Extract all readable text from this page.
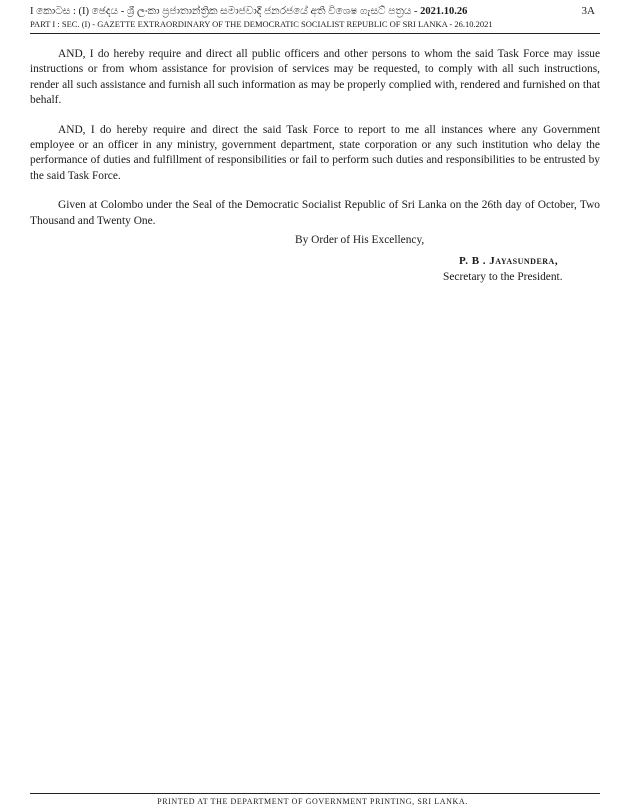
I කොටස : (I) ඡෙදය - ශ්‍රී ලංකා ප්‍රජාතාන්ත්‍රික සමාජවාදී ජනරජයේ අති විශෙෂ ගැසට් පත්‍රය - 2021.10.26
PART I : SEC. (I) - GAZETTE EXTRAORDINARY OF THE DEMOCRATIC SOCIALIST REPUBLIC OF SRI LANKA - 26.10.2021
3A

AND, I do hereby require and direct all public officers and other persons to whom the said Task Force may issue instructions or from whom assistance for provision of services may be requested, to comply with all such instructions, render all such assistance and furnish all such information as may be properly complied with, rendered and furnished on that behalf.

AND, I do hereby require and direct the said Task Force to report to me all instances where any Government employee or an officer in any ministry, government department, state corporation or any such institution who delay the performance of duties and fulfillment of responsibilities or fail to perform such duties and responsibilities to be entrusted by the said Task Force.

Given at Colombo under the Seal of the Democratic Socialist Republic of Sri Lanka on the 26th day of October, Two Thousand and Twenty One.

By Order of His Excellency,
P. B . Jayasundera,
Secretary to the President.
PRINTED AT THE DEPARTMENT OF GOVERNMENT PRINTING, SRI LANKA.
